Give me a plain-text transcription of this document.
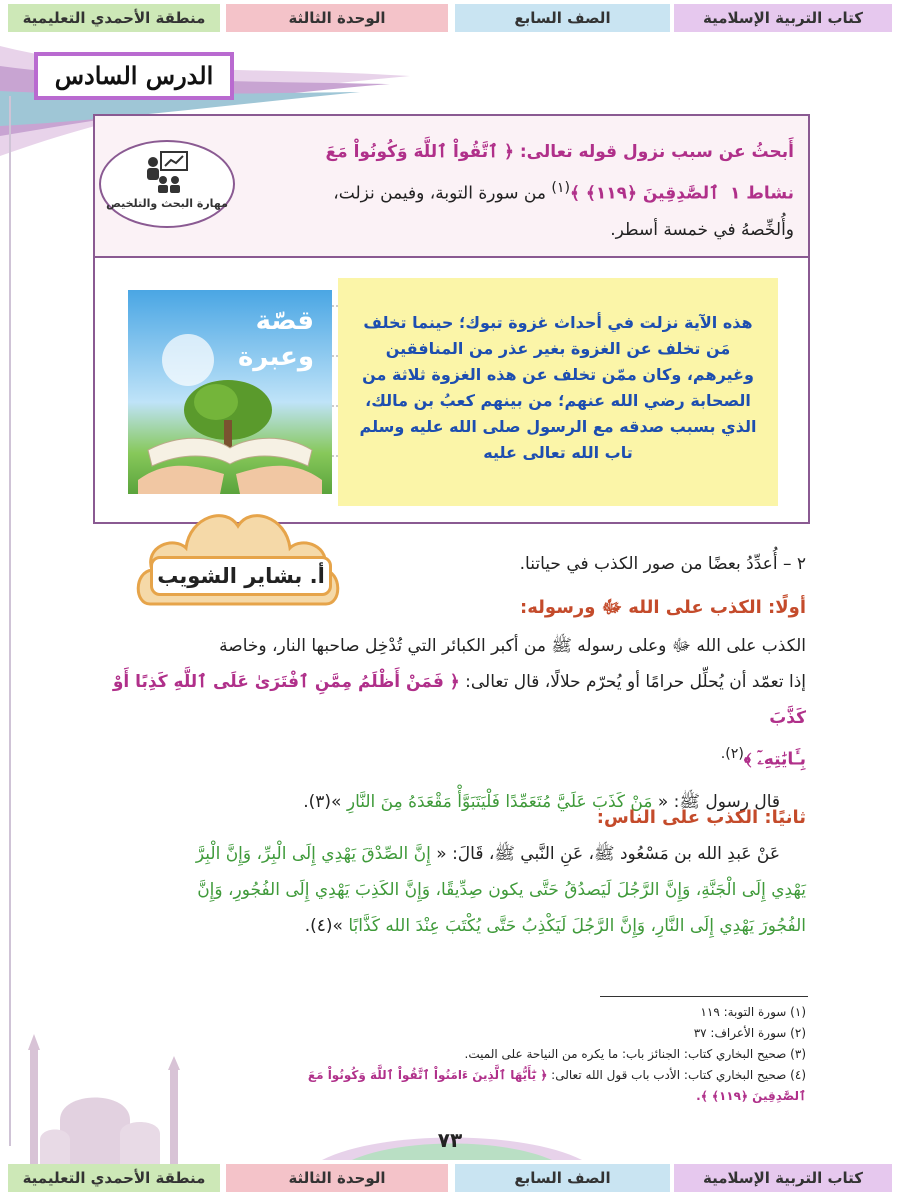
كتاب التربية الإسلامية
الصف السابع
الوحدة الثالثة
منطقة الأحمدي التعليمية
الدرس السادس
أَبحثُ عن سبب نزول قوله تعالى: ﴿ ٱتَّقُواْ ٱللَّهَ وَكُونُواْ مَعَ
نشاط ١  ٱلصَّٰدِقِينَ ﴿١١٩﴾ ﴾$^{(١)}$ من سورة التوبة، وفيمن نزلت،
وأُلخِّصهُ في خمسة أسطر.
مهارة البحث والتلخيص
قصّة
وعبرة
هذه الآية نزلت في أحداث غزوة تبوك؛ حينما تخلف مَن تخلف عن الغزوة بغير عذر من المنافقين وغيرهم، وكان ممّن تخلف عن هذه الغزوة ثلاثة من الصحابة رضي الله عنهم؛ من بينهم كعبُ بن مالك، الذي بسبب صدقه مع الرسول صلى الله عليه وسلم تاب الله تعالى عليه
أ. بشاير الشويب	٢ – أُعدِّدُ بعضًا من صور الكذب في حياتنا.
أولًا: الكذب على الله ﷻ ورسوله:
الكذب على الله ﷻ وعلى رسوله ﷺ من أكبر الكبائر التي تُدْخِل صاحبها النار، وخاصة
إذا تعمّد أن يُحلِّل حرامًا أو يُحرّم حلالًا، قال تعالى: ﴿ فَمَنْ أَظْلَمُ مِمَّنِ ٱفْتَرَىٰ عَلَى ٱللَّهِ كَذِبًا أَوْ كَذَّبَ
بِـَٔايَٰتِهِۦٓ ﴾$^{(٢).}$
قال رسول ﷺ: « مَنْ كَذَبَ عَلَيَّ مُتَعَمِّدًا فَلْيَتَبَوَّأْ مَقْعَدَهُ مِنَ النَّارِ »(٣).
ثانيًا: الكذب على الناس:
عَنْ عَبدِ الله بن مَسْعُود ﷺ، عَنِ النَّبي ﷺ، قَالَ: « إِنَّ الصِّدْقَ يَهْدِي إِلَى الْبِرِّ، وَإِنَّ الْبِرَّ
يَهْدِي إِلَى الْجَنَّةِ، وَإِنَّ الرَّجُلَ لَيَصدُقُ حَتَّى يكون صِدِّيقًا، وَإِنَّ الكَذِبَ يَهْدِي إِلَى الفُجُورِ، وَإِنَّ
الفُجُورَ يَهْدِي إِلَى النَّارِ، وَإِنَّ الرَّجُلَ لَيَكْذِبُ حَتَّى يُكْتَبَ عِنْدَ الله كَذَّابًا »(٤).
(١) سورة التوبة: ١١٩
(٢) سورة الأعراف: ٣٧
(٣) صحيح البخاري كتاب: الجنائز باب: ما يكره من النياحة على الميت.
(٤) صحيح البخاري كتاب: الأدب باب قول الله تعالى: ﴿ يَٰٓأَيُّهَا ٱلَّذِينَ ءَامَنُواْ ٱتَّقُواْ ٱللَّهَ وَكُونُواْ مَعَ ٱلصَّٰدِقِينَ ﴿١١٩﴾ ﴾.
٧٣
كتاب التربية الإسلامية
الصف السابع
الوحدة الثالثة
منطقة الأحمدي التعليمية
